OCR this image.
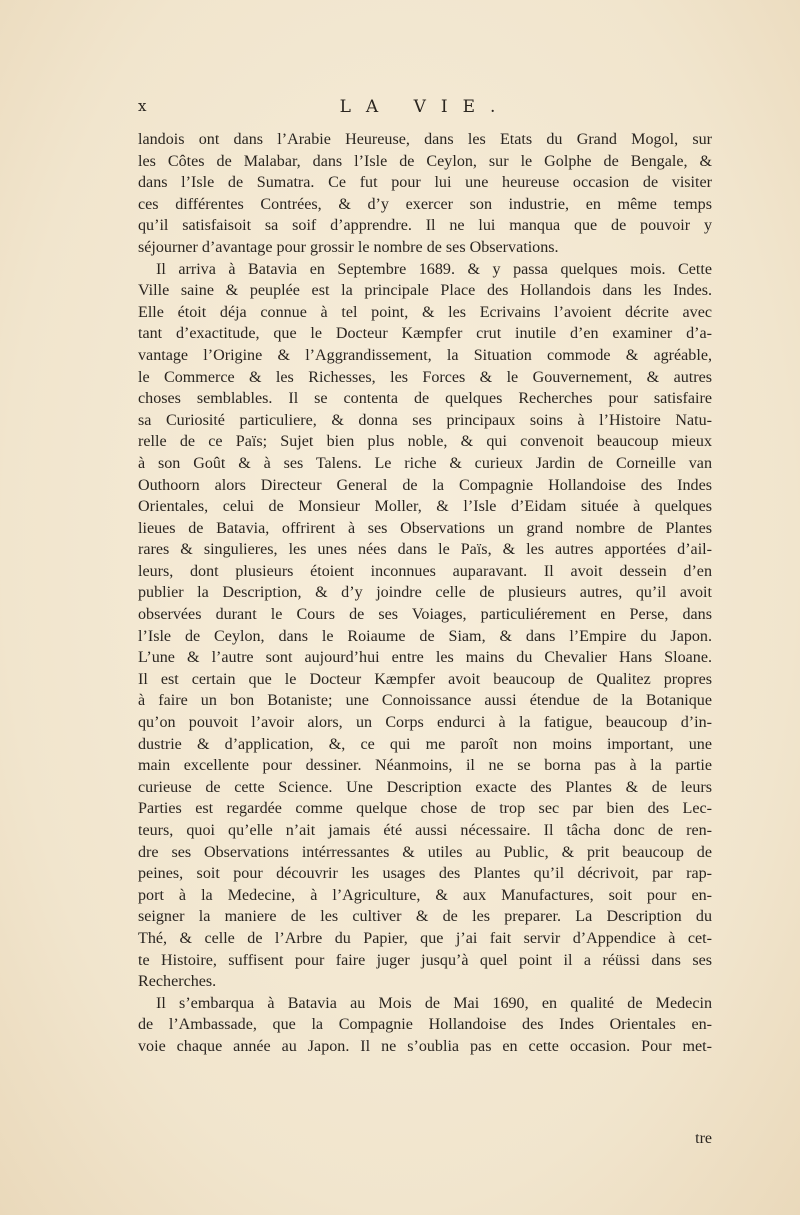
x	LA VIE.
landois ont dans l’Arabie Heureuse, dans les Etats du Grand Mogol, sur
les Côtes de Malabar, dans l’Isle de Ceylon, sur le Golphe de Bengale, &
dans l’Isle de Sumatra. Ce fut pour lui une heureuse occasion de visiter
ces différentes Contrées, & d’y exercer son industrie, en même temps
qu’il satisfaisoit sa soif d’apprendre. Il ne lui manqua que de pouvoir y
séjourner d’avantage pour grossir le nombre de ses Observations.
Il arriva à Batavia en Septembre 1689. & y passa quelques mois. Cette
Ville saine & peuplée est la principale Place des Hollandois dans les Indes.
Elle étoit déja connue à tel point, & les Ecrivains l’avoient décrite avec
tant d’exactitude, que le Docteur Kæmpfer crut inutile d’en examiner d’a-
vantage l’Origine & l’Aggrandissement, la Situation commode & agréable,
le Commerce & les Richesses, les Forces & le Gouvernement, & autres
choses semblables. Il se contenta de quelques Recherches pour satisfaire
sa Curiosité particuliere, & donna ses principaux soins à l’Histoire Natu-
relle de ce Païs; Sujet bien plus noble, & qui convenoit beaucoup mieux
à son Goût & à ses Talens. Le riche & curieux Jardin de Corneille van
Outhoorn alors Directeur General de la Compagnie Hollandoise des Indes
Orientales, celui de Monsieur Moller, & l’Isle d’Eidam située à quelques
lieues de Batavia, offrirent à ses Observations un grand nombre de Plantes
rares & singulieres, les unes nées dans le Païs, & les autres apportées d’ail-
leurs, dont plusieurs étoient inconnues auparavant. Il avoit dessein d’en
publier la Description, & d’y joindre celle de plusieurs autres, qu’il avoit
observées durant le Cours de ses Voiages, particuliérement en Perse, dans
l’Isle de Ceylon, dans le Roiaume de Siam, & dans l’Empire du Japon.
L’une & l’autre sont aujourd’hui entre les mains du Chevalier Hans Sloane.
Il est certain que le Docteur Kæmpfer avoit beaucoup de Qualitez propres
à faire un bon Botaniste; une Connoissance aussi étendue de la Botanique
qu’on pouvoit l’avoir alors, un Corps endurci à la fatigue, beaucoup d’in-
dustrie & d’application, &, ce qui me paroît non moins important, une
main excellente pour dessiner. Néanmoins, il ne se borna pas à la partie
curieuse de cette Science. Une Description exacte des Plantes & de leurs
Parties est regardée comme quelque chose de trop sec par bien des Lec-
teurs, quoi qu’elle n’ait jamais été aussi nécessaire. Il tâcha donc de ren-
dre ses Observations intérressantes & utiles au Public, & prit beaucoup de
peines, soit pour découvrir les usages des Plantes qu’il décrivoit, par rap-
port à la Medecine, à l’Agriculture, & aux Manufactures, soit pour en-
seigner la maniere de les cultiver & de les preparer. La Description du
Thé, & celle de l’Arbre du Papier, que j’ai fait servir d’Appendice à cet-
te Histoire, suffisent pour faire juger jusqu’à quel point il a réüssi dans ses
Recherches.
Il s’embarqua à Batavia au Mois de Mai 1690, en qualité de Medecin
de l’Ambassade, que la Compagnie Hollandoise des Indes Orientales en-
voie chaque année au Japon. Il ne s’oublia pas en cette occasion. Pour met-
tre
